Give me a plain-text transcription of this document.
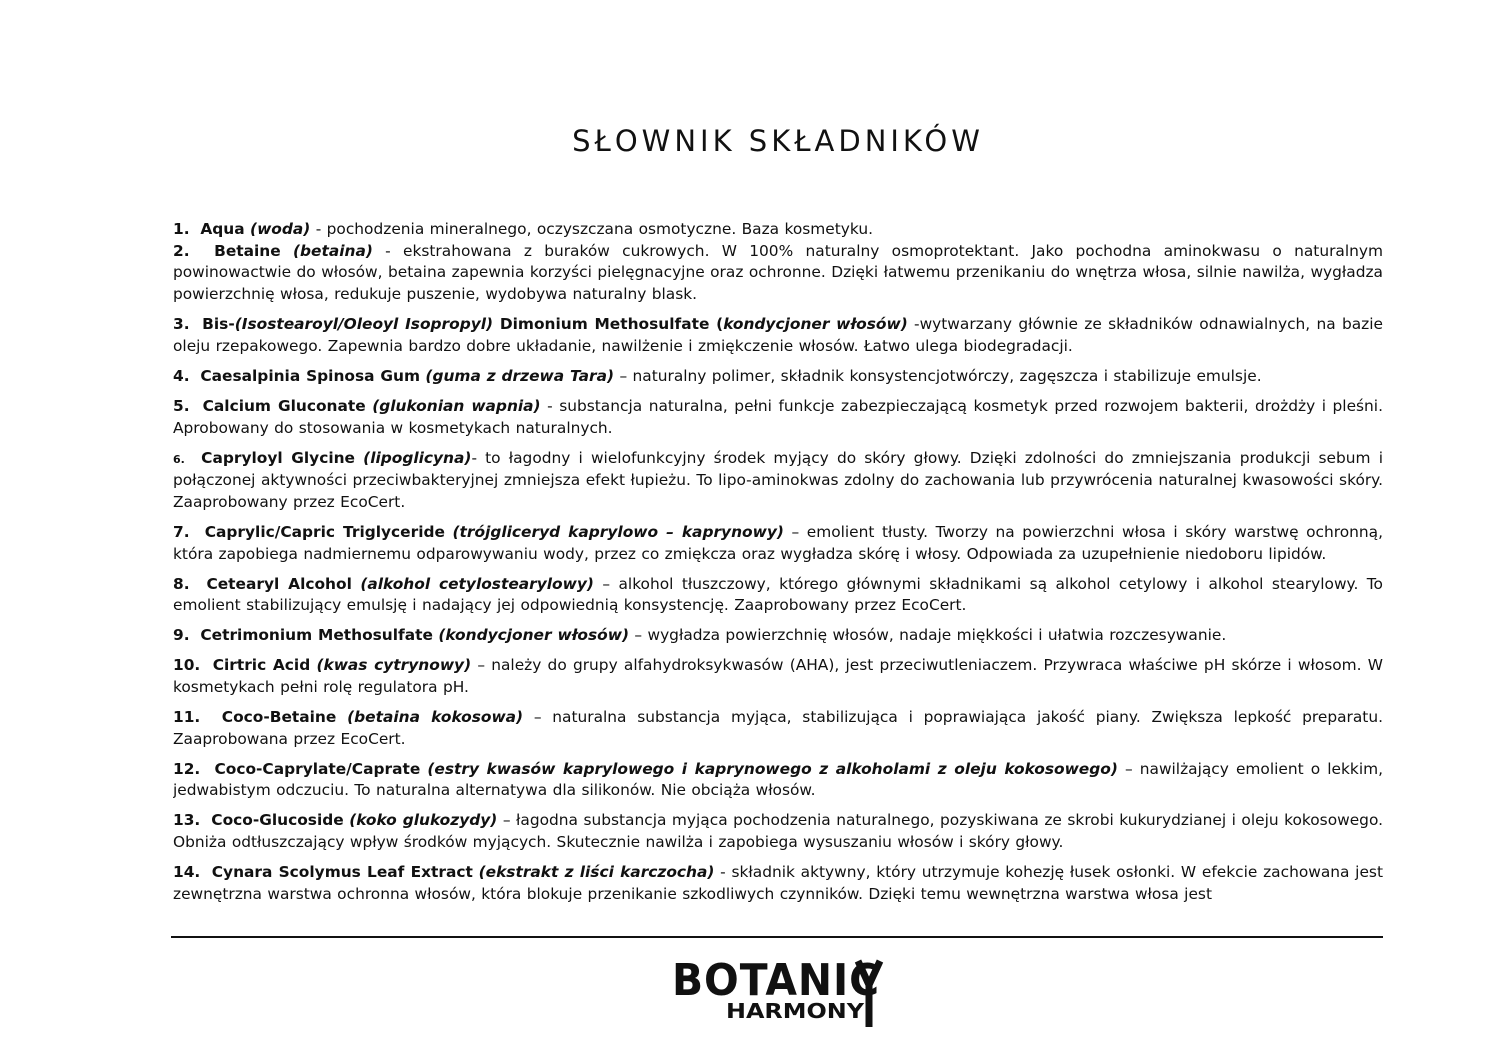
SŁOWNIK SKŁADNIKÓW

1. Aqua (woda) - pochodzenia mineralnego, oczyszczana osmotyczne. Baza kosmetyku.

2. Betaine (betaina) - ekstrahowana z buraków cukrowych. W 100% naturalny osmoprotektant. Jako pochodna aminokwasu o naturalnym powinowactwie do włosów, betaina zapewnia korzyści pielęgnacyjne oraz ochronne. Dzięki łatwemu przenikaniu do wnętrza włosa, silnie nawilża, wygładza powierzchnię włosa, redukuje puszenie, wydobywa naturalny blask.

3. Bis-(Isostearoyl/Oleoyl Isopropyl) Dimonium Methosulfate (kondycjoner włosów) -wytwarzany głównie ze składników odnawialnych, na bazie oleju rzepakowego. Zapewnia bardzo dobre układanie, nawilżenie i zmiękczenie włosów. Łatwo ulega biodegradacji.

4. Caesalpinia Spinosa Gum (guma z drzewa Tara) – naturalny polimer, składnik konsystencjotwórczy, zagęszcza i stabilizuje emulsje.

5. Calcium Gluconate (glukonian wapnia) - substancja naturalna, pełni funkcje zabezpieczającą kosmetyk przed rozwojem bakterii, drożdży i pleśni. Aprobowany do stosowania w kosmetykach naturalnych.

6. Capryloyl Glycine (lipoglicyna)- to łagodny i wielofunkcyjny środek myjący do skóry głowy. Dzięki zdolności do zmniejszania produkcji sebum i połączonej aktywności przeciwbakteryjnej zmniejsza efekt łupieżu. To lipo-aminokwas zdolny do zachowania lub przywrócenia naturalnej kwasowości skóry. Zaaprobowany przez EcoCert.

7. Caprylic/Capric Triglyceride (trójgliceryd kaprylowo – kaprynowy) – emolient tłusty. Tworzy na powierzchni włosa i skóry warstwę ochronną, która zapobiega nadmiernemu odparowywaniu wody, przez co zmiękcza oraz wygładza skórę i włosy. Odpowiada za uzupełnienie niedoboru lipidów.

8. Cetearyl Alcohol (alkohol cetylostearylowy) – alkohol tłuszczowy, którego głównymi składnikami są alkohol cetylowy i alkohol stearylowy. To emolient stabilizujący emulsję i nadający jej odpowiednią konsystencję. Zaaprobowany przez EcoCert.

9. Cetrimonium Methosulfate (kondycjoner włosów) – wygładza powierzchnię włosów, nadaje miękkości i ułatwia rozczesywanie.

10. Cirtric Acid (kwas cytrynowy) – należy do grupy alfahydroksykwasów (AHA), jest przeciwutleniaczem. Przywraca właściwe pH skórze i włosom. W kosmetykach pełni rolę regulatora pH.

11. Coco-Betaine (betaina kokosowa) – naturalna substancja myjąca, stabilizująca i poprawiająca jakość piany. Zwiększa lepkość preparatu. Zaaprobowana przez EcoCert.

12. Coco-Caprylate/Caprate (estry kwasów kaprylowego i kaprynowego z alkoholami z oleju kokosowego) – nawilżający emolient o lekkim, jedwabistym odczuciu. To naturalna alternatywa dla silikonów. Nie obciąża włosów.

13. Coco-Glucoside (koko glukozydy) – łagodna substancja myjąca pochodzenia naturalnego, pozyskiwana ze skrobi kukurydzianej i oleju kokosowego. Obniża odtłuszczający wpływ środków myjących. Skutecznie nawilża i zapobiega wysuszaniu włosów i skóry głowy.

14. Cynara Scolymus Leaf Extract (ekstrakt z liści karczocha) - składnik aktywny, który utrzymuje kohezję łusek osłonki. W efekcie zachowana jest zewnętrzna warstwa ochronna włosów, która blokuje przenikanie szkodliwych czynników. Dzięki temu wewnętrzna warstwa włosa jest

BOTANIC
HARMONY
